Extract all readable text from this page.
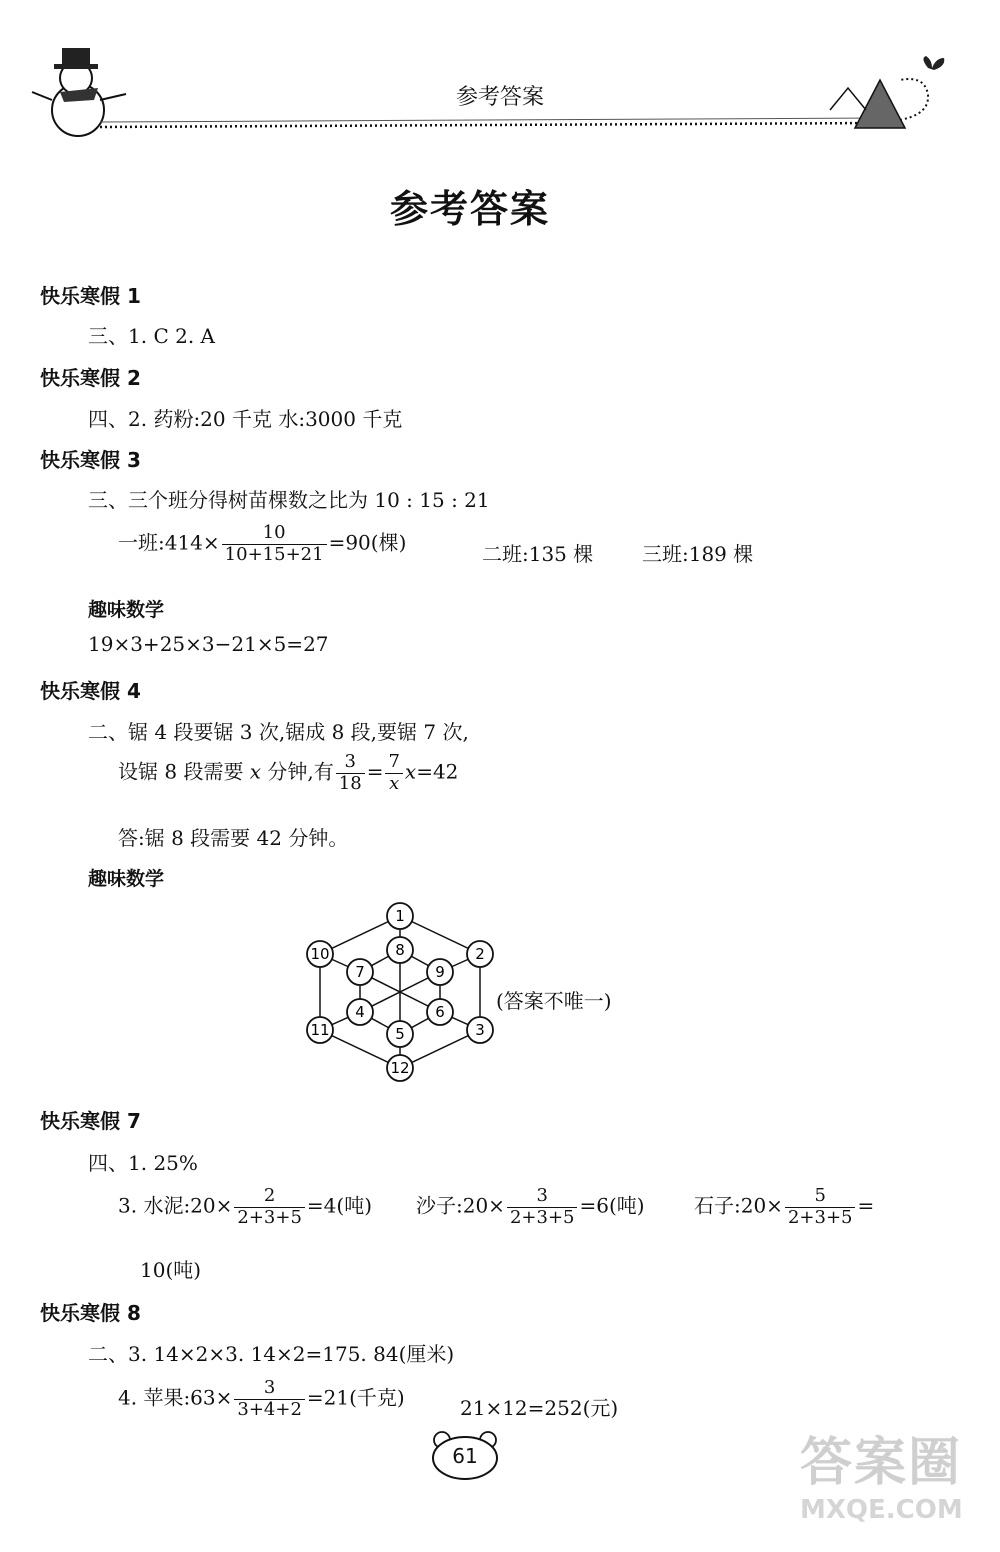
参考答案
参考答案
快乐寒假 1
三、1. C 2. A
快乐寒假 2
四、2. 药粉:20 千克 水:3000 千克
快乐寒假 3
三、三个班分得树苗棵数之比为 10 : 15 : 21
一班:414× $\frac{10}{10+15+21} =90$(棵)	二班:135 棵 三班:189 棵
趣味数学
19×3+25×3−21×5=27
快乐寒假 4
二、锯 4 段要锯 3 次,锯成 8 段,要锯 7 次,
设锯 8 段需要 x 分钟,有 $\frac{3}{18} = \frac{7}{x} x=42$
答:锯 8 段需要 42 分钟。
趣味数学
1
2
3
4
5
6
7
8
9
10
11
12
(答案不唯一)
快乐寒假 7
四、1. 25%
3. 水泥:20× $\frac{2}{2+3+5} =4$(吨) 沙子:20× $\frac{3}{2+3+5} =6$(吨) 石子:20× $\frac{5}{2+3+5}$ =
10(吨)
快乐寒假 8
二、3. 14×2×3. 14×2=175. 84(厘米)
4. 苹果:63× $\frac{3}{3+4+2} =21$(千克)	21×12=252(元)
61	答案圈
MXQE.COM
